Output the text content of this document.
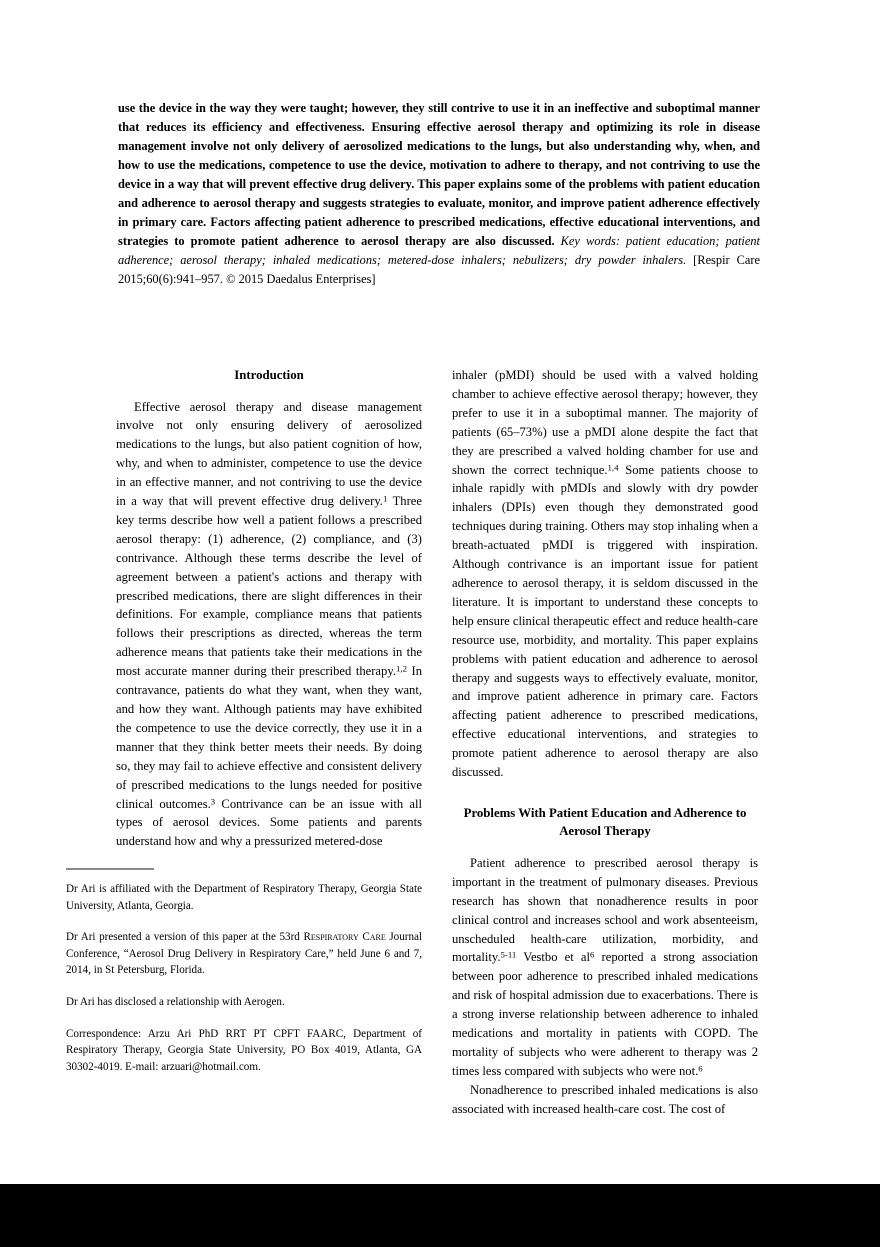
use the device in the way they were taught; however, they still contrive to use it in an ineffective and suboptimal manner that reduces its efficiency and effectiveness. Ensuring effective aerosol therapy and optimizing its role in disease management involve not only delivery of aerosolized medications to the lungs, but also understanding why, when, and how to use the medications, competence to use the device, motivation to adhere to therapy, and not contriving to use the device in a way that will prevent effective drug delivery. This paper explains some of the problems with patient education and adherence to aerosol therapy and suggests strategies to evaluate, monitor, and improve patient adherence effectively in primary care. Factors affecting patient adherence to prescribed medications, effective educational interventions, and strategies to promote patient adherence to aerosol therapy are also discussed. Key words: patient education; patient adherence; aerosol therapy; inhaled medications; metered-dose inhalers; nebulizers; dry powder inhalers. [Respir Care 2015;60(6):941–957. © 2015 Daedalus Enterprises]
Introduction

Effective aerosol therapy and disease management involve not only ensuring delivery of aerosolized medications to the lungs, but also patient cognition of how, why, and when to administer, competence to use the device in an effective manner, and not contriving to use the device in a way that will prevent effective drug delivery.$^1$ Three key terms describe how well a patient follows a prescribed aerosol therapy: (1) adherence, (2) compliance, and (3) contrivance. Although these terms describe the level of agreement between a patient's actions and therapy with prescribed medications, there are slight differences in their definitions. For example, compliance means that patients follows their prescriptions as directed, whereas the term adherence means that patients take their medications in the most accurate manner during their prescribed therapy.$^{1,2}$ In contravance, patients do what they want, when they want, and how they want. Although patients may have exhibited the competence to use the device correctly, they use it in a manner that they think better meets their needs. By doing so, they may fail to achieve effective and consistent delivery of prescribed medications to the lungs needed for positive clinical outcomes.$^3$ Contrivance can be an issue with all types of aerosol devices. Some patients and parents understand how and why a pressurized metered-dose

inhaler (pMDI) should be used with a valved holding chamber to achieve effective aerosol therapy; however, they prefer to use it in a suboptimal manner. The majority of patients (65–73%) use a pMDI alone despite the fact that they are prescribed a valved holding chamber for use and shown the correct technique.$^{1,4}$ Some patients choose to inhale rapidly with pMDIs and slowly with dry powder inhalers (DPIs) even though they demonstrated good techniques during training. Others may stop inhaling when a breath-actuated pMDI is triggered with inspiration. Although contrivance is an important issue for patient adherence to aerosol therapy, it is seldom discussed in the literature. It is important to understand these concepts to help ensure clinical therapeutic effect and reduce health-care resource use, morbidity, and mortality. This paper explains problems with patient education and adherence to aerosol therapy and suggests ways to effectively evaluate, monitor, and improve patient adherence in primary care. Factors affecting patient adherence to prescribed medications, effective educational interventions, and strategies to promote patient adherence to aerosol therapy are also discussed.

Problems With Patient Education and Adherence to
Aerosol Therapy

Patient adherence to prescribed aerosol therapy is important in the treatment of pulmonary diseases. Previous research has shown that nonadherence results in poor clinical control and increases school and work absenteeism, unscheduled health-care utilization, morbidity, and mortality.$^{5-11}$ Vestbo et $al^6$ reported a strong association between poor adherence to prescribed inhaled medications and risk of hospital admission due to exacerbations. There is a strong inverse relationship between adherence to inhaled medications and mortality in patients with COPD. The mortality of subjects who were adherent to therapy was 2 times less compared with subjects who were not.$^6$

Nonadherence to prescribed inhaled medications is also associated with increased health-care cost. The cost of

Dr Ari is affiliated with the Department of Respiratory Therapy, Georgia State University, Atlanta, Georgia.

Dr Ari presented a version of this paper at the 53rd Respiratory Care Journal Conference, “Aerosol Drug Delivery in Respiratory Care,” held June 6 and 7, 2014, in St Petersburg, Florida.

Dr Ari has disclosed a relationship with Aerogen.

Correspondence: Arzu Ari PhD RRT PT CPFT FAARC, Department of Respiratory Therapy, Georgia State University, PO Box 4019, Atlanta, GA 30302-4019. E-mail: arzuari@hotmail.com.
